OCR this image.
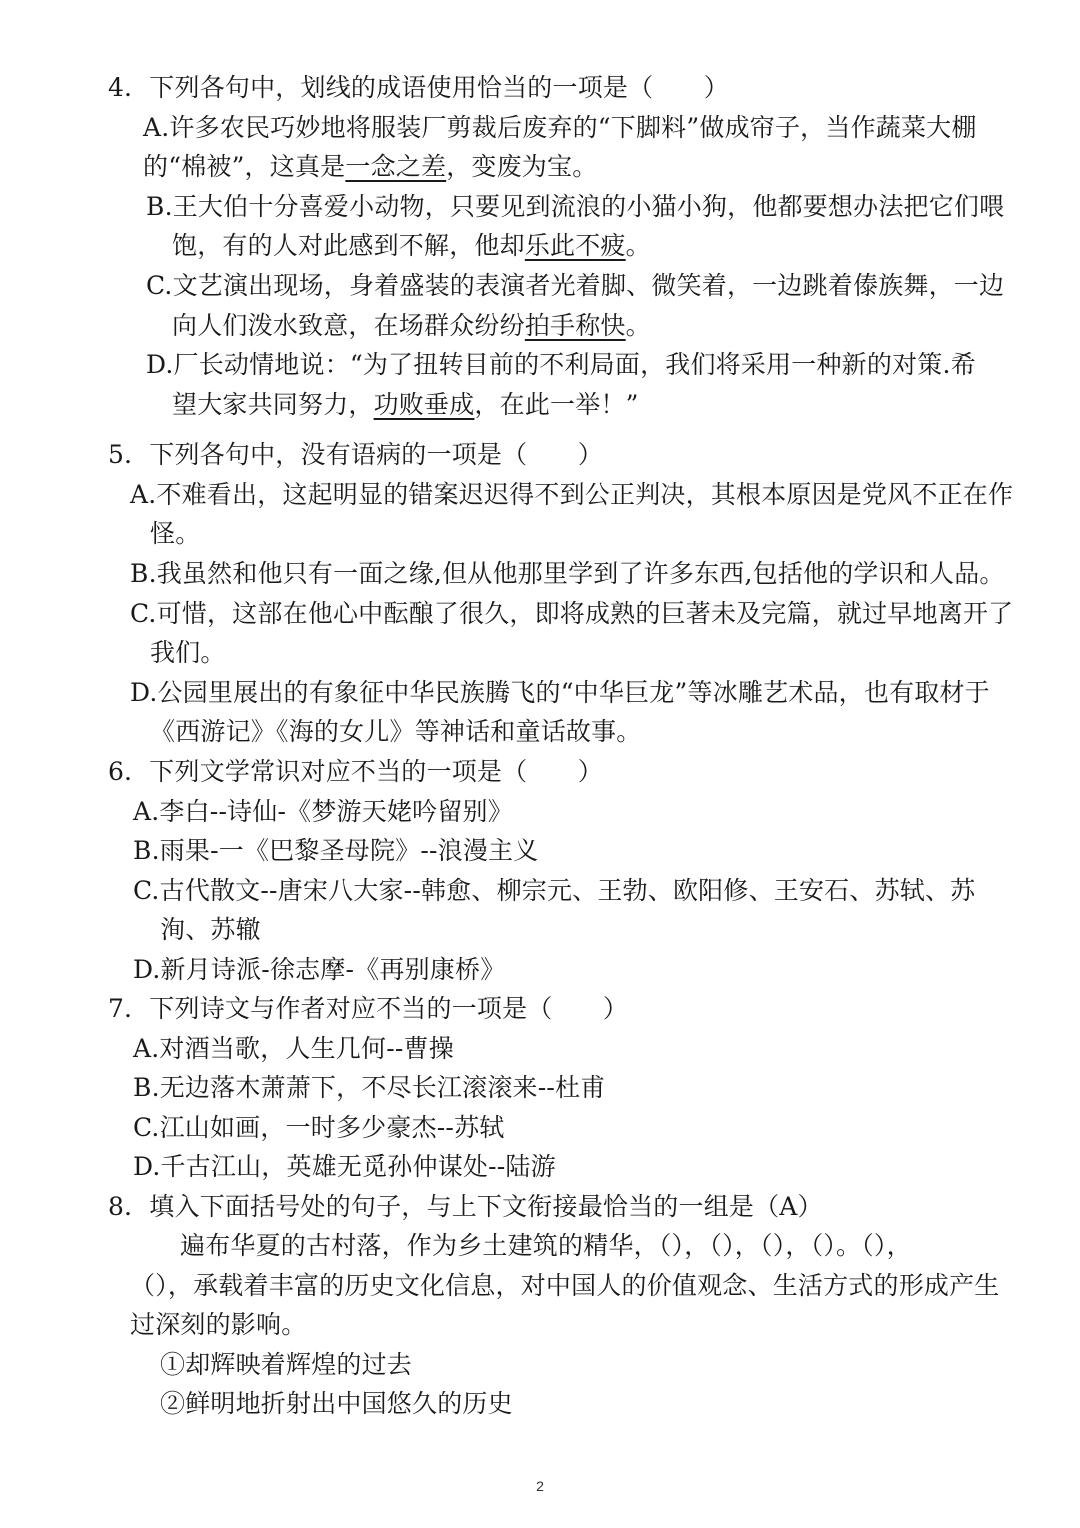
4．下列各句中，划线的成语使用恰当的一项是（　　）
A.许多农民巧妙地将服装厂剪裁后废弃的“下脚料”做成帘子，当作蔬菜大棚
的“棉被”，这真是一念之差，变废为宝。
B.王大伯十分喜爱小动物，只要见到流浪的小猫小狗，他都要想办法把它们喂
饱，有的人对此感到不解，他却乐此不疲。
C.文艺演出现场，身着盛装的表演者光着脚、微笑着，一边跳着傣族舞，一边
向人们泼水致意，在场群众纷纷拍手称快。
D.厂长动情地说：“为了扭转目前的不利局面，我们将采用一种新的对策.希
望大家共同努力，功败垂成，在此一举！”
5．下列各句中，没有语病的一项是（　　）
A.不难看出，这起明显的错案迟迟得不到公正判决，其根本原因是党风不正在作
怪。
B.我虽然和他只有一面之缘,但从他那里学到了许多东西,包括他的学识和人品。
C.可惜，这部在他心中酝酿了很久，即将成熟的巨著未及完篇，就过早地离开了
我们。
D.公园里展出的有象征中华民族腾飞的“中华巨龙”等冰雕艺术品，也有取材于
《西游记》《海的女儿》等神话和童话故事。
6．下列文学常识对应不当的一项是（　　）
A.李白--诗仙-《梦游天姥吟留别》
B.雨果-一《巴黎圣母院》--浪漫主义
C.古代散文--唐宋八大家--韩愈、柳宗元、王勃、欧阳修、王安石、苏轼、苏
洵、苏辙
D.新月诗派-徐志摩-《再别康桥》
7．下列诗文与作者对应不当的一项是（　　）
A.对酒当歌，人生几何--曹操
B.无边落木萧萧下，不尽长江滚滚来--杜甫
C.江山如画，一时多少豪杰--苏轼
D.千古江山，英雄无觅孙仲谋处--陆游
8．填入下面括号处的句子，与上下文衔接最恰当的一组是（A）
遍布华夏的古村落，作为乡土建筑的精华，（），（），（），（）。（），
（），承载着丰富的历史文化信息，对中国人的价值观念、生活方式的形成产生
过深刻的影响。
①却辉映着辉煌的过去
②鲜明地折射出中国悠久的历史
2
